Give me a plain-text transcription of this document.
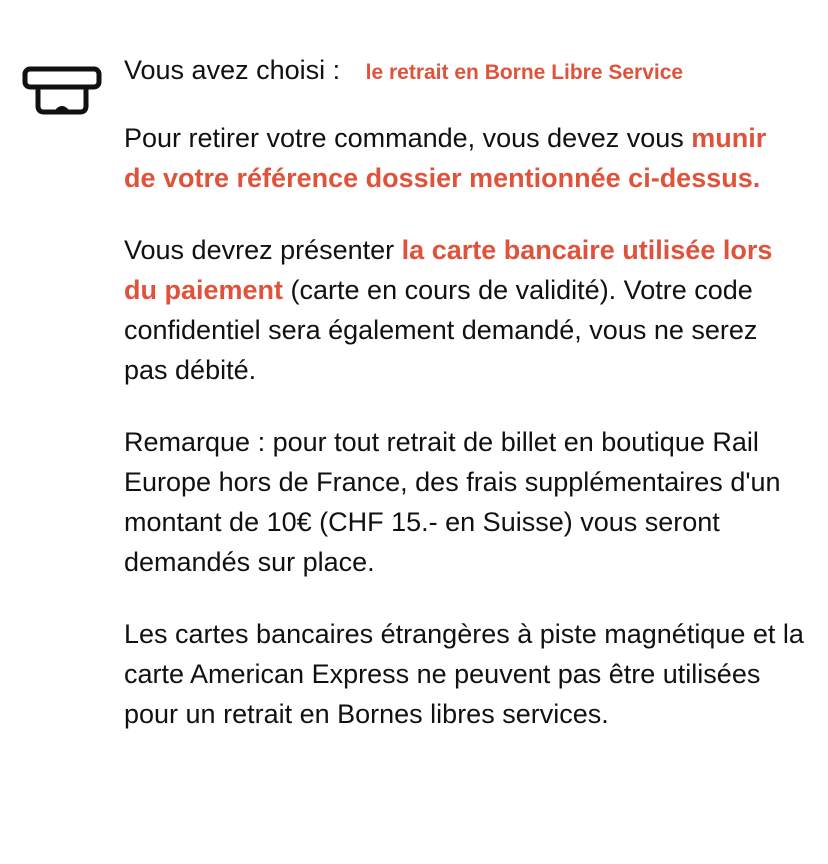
Vous avez choisi : le retrait en Borne Libre Service

Pour retirer votre commande, vous devez vous munir de votre référence dossier mentionnée ci-dessus.

Vous devrez présenter la carte bancaire utilisée lors du paiement (carte en cours de validité). Votre code confidentiel sera également demandé, vous ne serez pas débité.

Remarque : pour tout retrait de billet en boutique Rail Europe hors de France, des frais supplémentaires d'un montant de 10€ (CHF 15.- en Suisse) vous seront demandés sur place.

Les cartes bancaires étrangères à piste magnétique et la carte American Express ne peuvent pas être utilisées pour un retrait en Bornes libres services.
